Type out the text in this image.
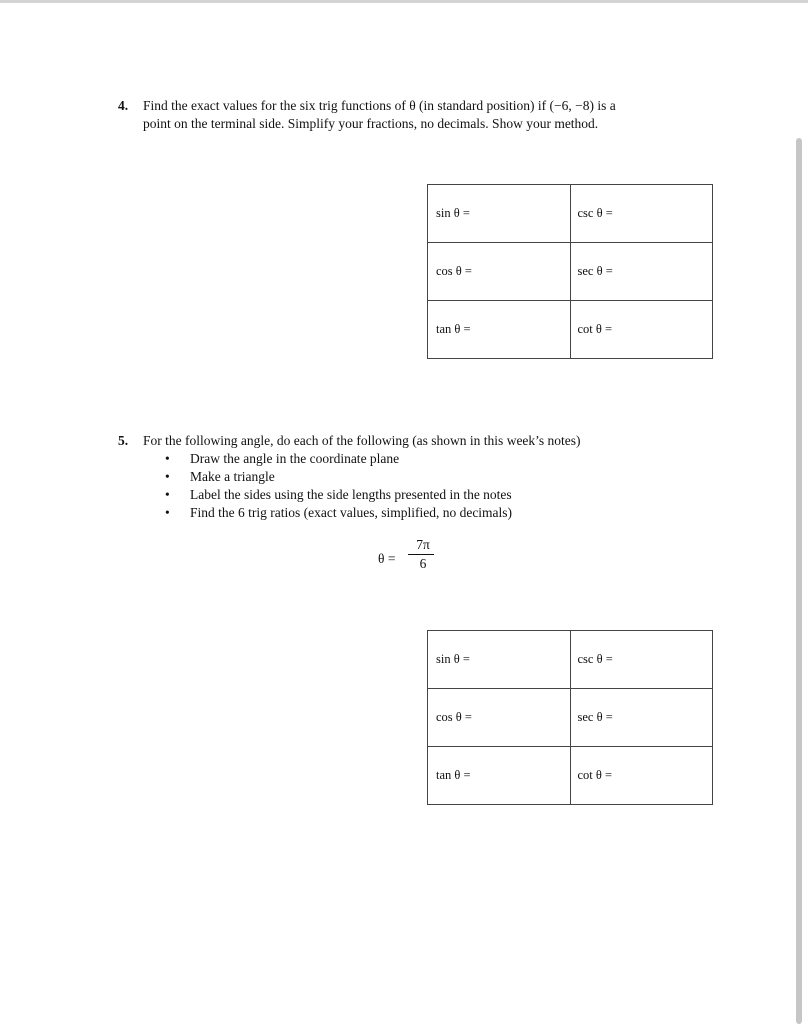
4. Find the exact values for the six trig functions of θ (in standard position) if (−6, −8) is a
point on the terminal side. Simplify your fractions, no decimals. Show your method.
sin θ =	csc θ =
cos θ =	sec θ =
tan θ =	cot θ =
5. For the following angle, do each of the following (as shown in this week’s notes)
• Draw the angle in the coordinate plane
• Make a triangle
• Label the sides using the side lengths presented in the notes
• Find the 6 trig ratios (exact values, simplified, no decimals)
θ =
7π
6
sin θ =	csc θ =
cos θ =	sec θ =
tan θ =	cot θ =
